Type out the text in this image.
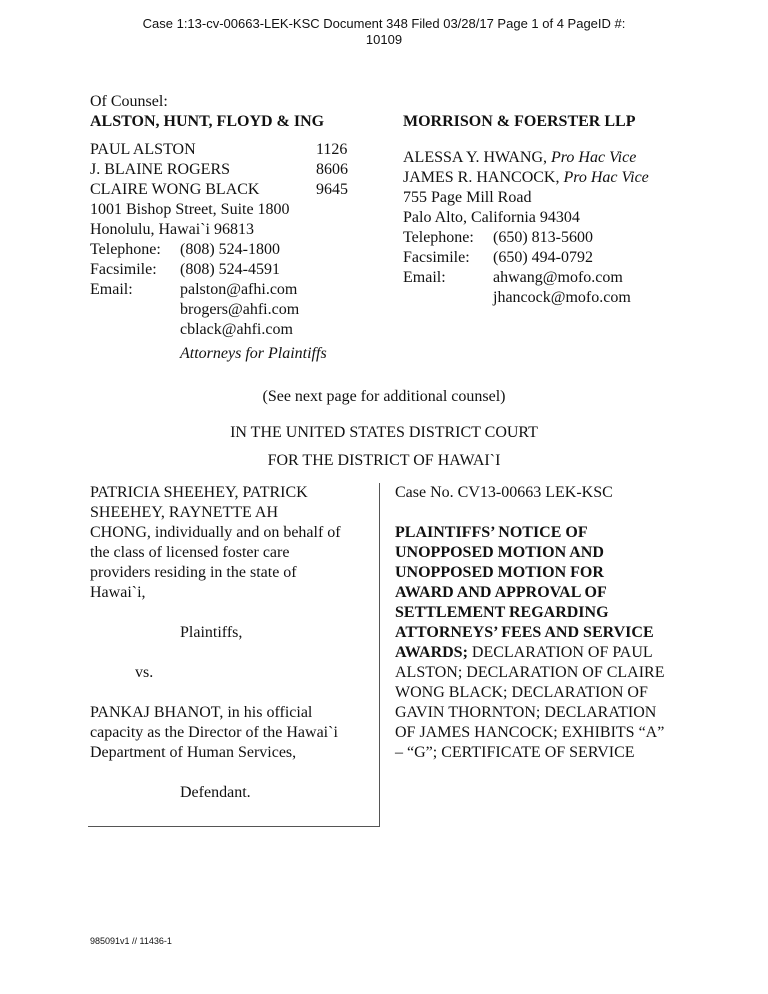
Case 1:13-cv-00663-LEK-KSC Document 348 Filed 03/28/17 Page 1 of 4 PageID #:
10109
Of Counsel:
ALSTON, HUNT, FLOYD & ING
PAUL ALSTON	1126
J. BLAINE ROGERS	8606
CLAIRE WONG BLACK	9645
1001 Bishop Street, Suite 1800
Honolulu, Hawai`i 96813
Telephone: (808) 524-1800
Facsimile: (808) 524-4591
Email:	palston@afhi.com
brogers@ahfi.com
cblack@ahfi.com
Attorneys for Plaintiffs
MORRISON & FOERSTER LLP
ALESSA Y. HWANG, Pro Hac Vice
JAMES R. HANCOCK, Pro Hac Vice
755 Page Mill Road
Palo Alto, California 94304
Telephone: (650) 813-5600
Facsimile: (650) 494-0792
Email:	ahwang@mofo.com
jhancock@mofo.com
(See next page for additional counsel)
IN THE UNITED STATES DISTRICT COURT
FOR THE DISTRICT OF HAWAI`I
PATRICIA SHEEHEY, PATRICK
SHEEHEY, RAYNETTE AH
CHONG, individually and on behalf of
the class of licensed foster care
providers residing in the state of
Hawai`i,
Plaintiffs,
vs.
PANKAJ BHANOT, in his official
capacity as the Director of the Hawai`i
Department of Human Services,
Defendant.
Case No. CV13-00663 LEK-KSC
PLAINTIFFS’ NOTICE OF
UNOPPOSED MOTION AND
UNOPPOSED MOTION FOR
AWARD AND APPROVAL OF
SETTLEMENT REGARDING
ATTORNEYS’ FEES AND SERVICE
AWARDS; DECLARATION OF PAUL
ALSTON; DECLARATION OF CLAIRE
WONG BLACK; DECLARATION OF
GAVIN THORNTON; DECLARATION
OF JAMES HANCOCK; EXHIBITS “A”
– “G”; CERTIFICATE OF SERVICE
985091v1 // 11436-1
